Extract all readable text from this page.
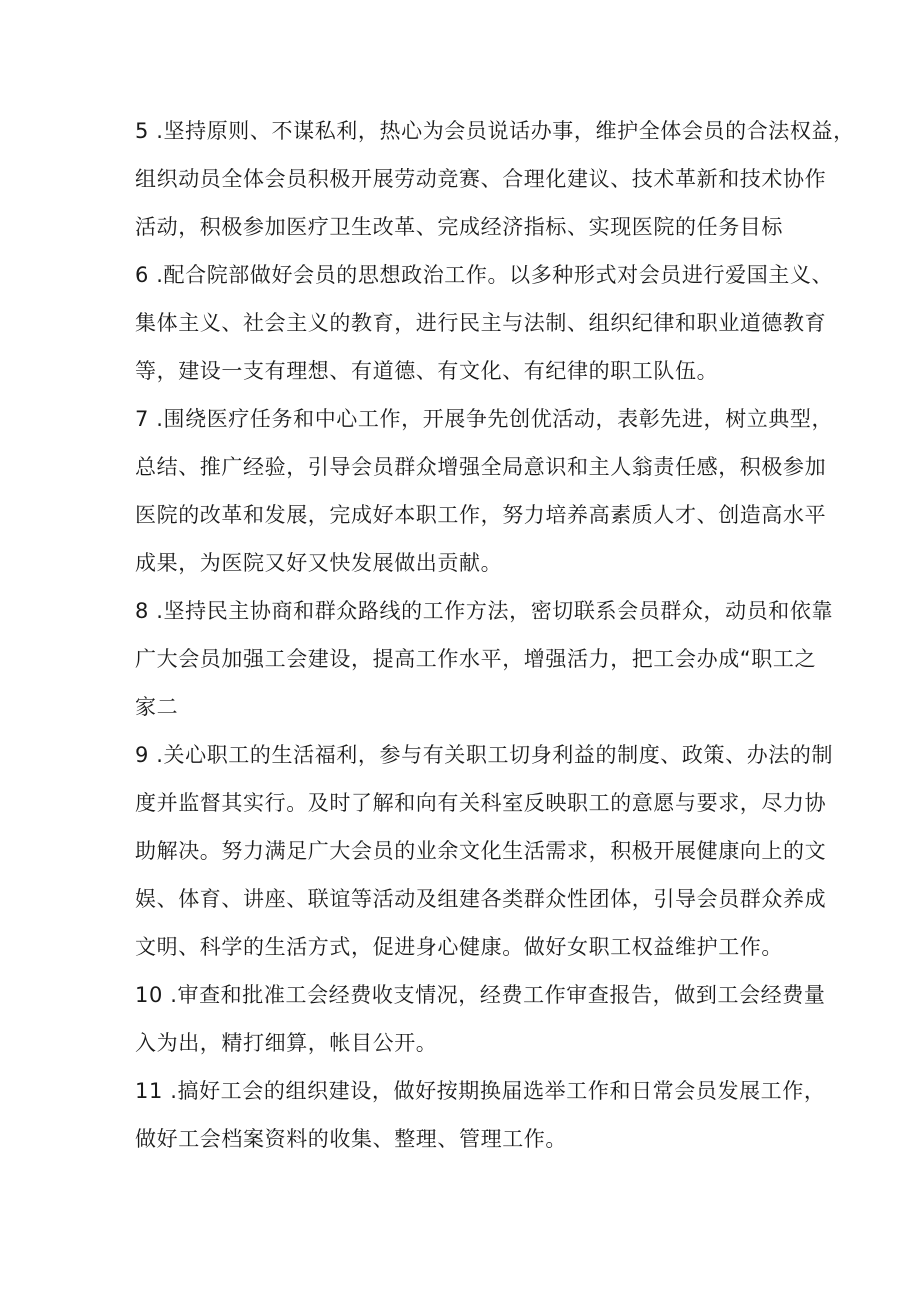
5 .坚持原则、不谋私利，热心为会员说话办事，维护全体会员的合法权益，
组织动员全体会员积极开展劳动竞赛、合理化建议、技术革新和技术协作
活动，积极参加医疗卫生改革、完成经济指标、实现医院的任务目标
6 .配合院部做好会员的思想政治工作。以多种形式对会员进行爱国主义、
集体主义、社会主义的教育，进行民主与法制、组织纪律和职业道德教育
等，建设一支有理想、有道德、有文化、有纪律的职工队伍。
7 .围绕医疗任务和中心工作，开展争先创优活动，表彰先进，树立典型，
总结、推广经验，引导会员群众增强全局意识和主人翁责任感，积极参加
医院的改革和发展，完成好本职工作，努力培养高素质人才、创造高水平
成果，为医院又好又快发展做出贡献。
8 .坚持民主协商和群众路线的工作方法，密切联系会员群众，动员和依靠
广大会员加强工会建设，提高工作水平，增强活力，把工会办成“职工之
家二
9 .关心职工的生活福利，参与有关职工切身利益的制度、政策、办法的制
度并监督其实行。及时了解和向有关科室反映职工的意愿与要求，尽力协
助解决。努力满足广大会员的业余文化生活需求，积极开展健康向上的文
娱、体育、讲座、联谊等活动及组建各类群众性团体，引导会员群众养成
文明、科学的生活方式，促进身心健康。做好女职工权益维护工作。
10 .审查和批准工会经费收支情况，经费工作审查报告，做到工会经费量
入为出，精打细算，帐目公开。
11 .搞好工会的组织建设，做好按期换届选举工作和日常会员发展工作，
做好工会档案资料的收集、整理、管理工作。
